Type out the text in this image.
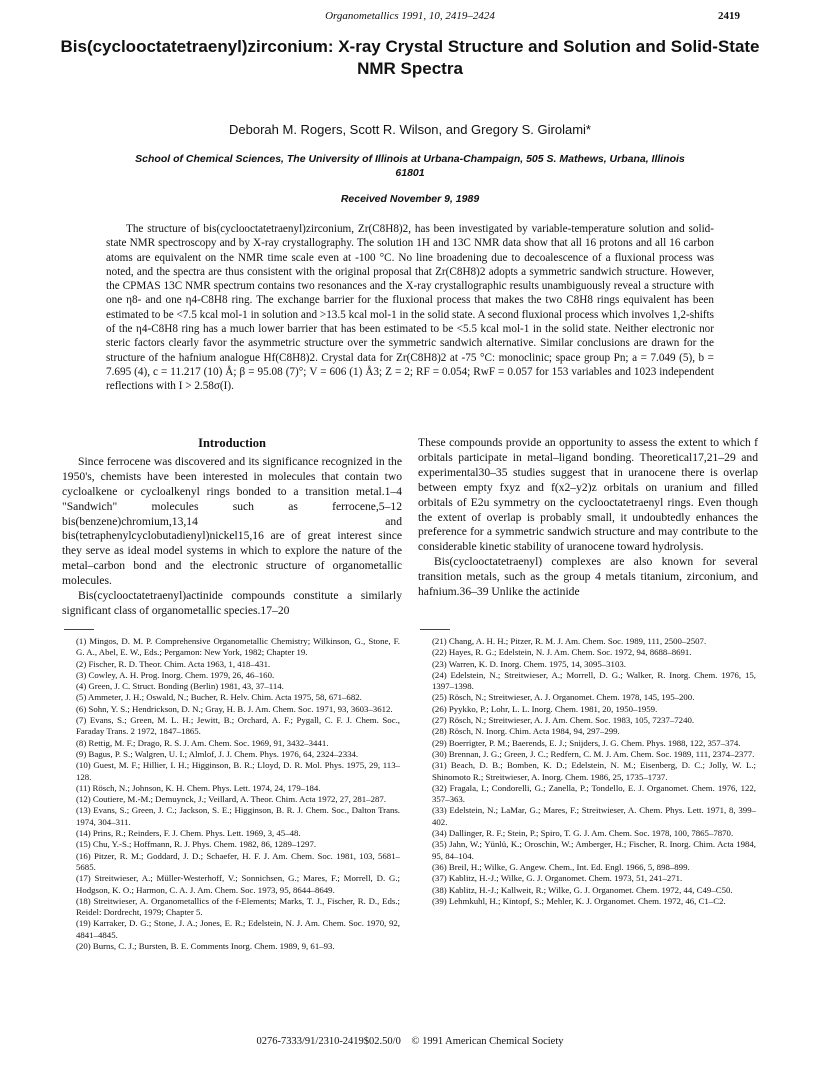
Organometallics 1991, 10, 2419–2424	2419
Bis(cyclooctatetraenyl)zirconium: X-ray Crystal Structure and Solution and Solid-State NMR Spectra
Deborah M. Rogers, Scott R. Wilson, and Gregory S. Girolami*
School of Chemical Sciences, The University of Illinois at Urbana-Champaign, 505 S. Mathews, Urbana, Illinois 61801
Received November 9, 1989
The structure of bis(cyclooctatetraenyl)zirconium, Zr(C8H8)2, has been investigated by variable-temperature solution and solid-state NMR spectroscopy and by X-ray crystallography. The solution 1H and 13C NMR data show that all 16 protons and all 16 carbon atoms are equivalent on the NMR time scale even at -100 °C. No line broadening due to decoalescence of a fluxional process was noted, and the spectra are thus consistent with the original proposal that Zr(C8H8)2 adopts a symmetric sandwich structure. However, the CPMAS 13C NMR spectrum contains two resonances and the X-ray crystallographic results unambiguously reveal a structure with one η8- and one η4-C8H8 ring. The exchange barrier for the fluxional process that makes the two C8H8 rings equivalent has been estimated to be <7.5 kcal mol-1 in solution and >13.5 kcal mol-1 in the solid state. A second fluxional process which involves 1,2-shifts of the η4-C8H8 ring has a much lower barrier that has been estimated to be <5.5 kcal mol-1 in the solid state. Neither electronic nor steric factors clearly favor the asymmetric structure over the symmetric sandwich alternative. Similar conclusions are drawn for the structure of the hafnium analogue Hf(C8H8)2. Crystal data for Zr(C8H8)2 at -75 °C: monoclinic; space group Pn; a = 7.049 (5), b = 7.695 (4), c = 11.217 (10) Å; β = 95.08 (7)°; V = 606 (1) Å3; Z = 2; RF = 0.054; RwF = 0.057 for 153 variables and 1023 independent reflections with I > 2.58σ(I).
Introduction

Since ferrocene was discovered and its significance recognized in the 1950's, chemists have been interested in molecules that contain two cycloalkene or cycloalkenyl rings bonded to a transition metal.1–4 "Sandwich" molecules such as ferrocene,5–12 bis(benzene)chromium,13,14 and bis(tetraphenylcyclobutadienyl)nickel15,16 are of great interest since they serve as ideal model systems in which to explore the nature of the metal–carbon bond and the electronic structure of organometallic molecules.

Bis(cyclooctatetraenyl)actinide compounds constitute a similarly significant class of organometallic species.17–20

These compounds provide an opportunity to assess the extent to which f orbitals participate in metal–ligand bonding. Theoretical17,21–29 and experimental30–35 studies suggest that in uranocene there is overlap between empty fxyz and f(x2–y2)z orbitals on uranium and filled orbitals of E2u symmetry on the cyclooctatetraenyl rings. Even though the extent of overlap is probably small, it undoubtedly enhances the preference for a symmetric sandwich structure and may contribute to the considerable kinetic stability of uranocene toward hydrolysis.

Bis(cyclooctatetraenyl) complexes are also known for several transition metals, such as the group 4 metals titanium, zirconium, and hafnium.36–39 Unlike the actinide

(1) Mingos, D. M. P. Comprehensive Organometallic Chemistry; Wilkinson, G., Stone, F. G. A., Abel, E. W., Eds.; Pergamon: New York, 1982; Chapter 19.

(2) Fischer, R. D. Theor. Chim. Acta 1963, 1, 418–431.

(3) Cowley, A. H. Prog. Inorg. Chem. 1979, 26, 46–160.

(4) Green, J. C. Struct. Bonding (Berlin) 1981, 43, 37–114.

(5) Ammeter, J. H.; Oswald, N.; Bucher, R. Helv. Chim. Acta 1975, 58, 671–682.

(6) Sohn, Y. S.; Hendrickson, D. N.; Gray, H. B. J. Am. Chem. Soc. 1971, 93, 3603–3612.

(7) Evans, S.; Green, M. L. H.; Jewitt, B.; Orchard, A. F.; Pygall, C. F. J. Chem. Soc., Faraday Trans. 2 1972, 1847–1865.

(8) Rettig, M. F.; Drago, R. S. J. Am. Chem. Soc. 1969, 91, 3432–3441.

(9) Bagus, P. S.; Walgren, U. I.; Almlof, J. J. Chem. Phys. 1976, 64, 2324–2334.

(10) Guest, M. F.; Hillier, I. H.; Higginson, B. R.; Lloyd, D. R. Mol. Phys. 1975, 29, 113–128.

(11) Rösch, N.; Johnson, K. H. Chem. Phys. Lett. 1974, 24, 179–184.

(12) Coutiere, M.-M.; Demuynck, J.; Veillard, A. Theor. Chim. Acta 1972, 27, 281–287.

(13) Evans, S.; Green, J. C.; Jackson, S. E.; Higginson, B. R. J. Chem. Soc., Dalton Trans. 1974, 304–311.

(14) Prins, R.; Reinders, F. J. Chem. Phys. Lett. 1969, 3, 45–48.

(15) Chu, Y.-S.; Hoffmann, R. J. Phys. Chem. 1982, 86, 1289–1297.

(16) Pitzer, R. M.; Goddard, J. D.; Schaefer, H. F. J. Am. Chem. Soc. 1981, 103, 5681–5685.

(17) Streitwieser, A.; Müller-Westerhoff, V.; Sonnichsen, G.; Mares, F.; Morrell, D. G.; Hodgson, K. O.; Harmon, C. A. J. Am. Chem. Soc. 1973, 95, 8644–8649.

(18) Streitwieser, A. Organometallics of the f-Elements; Marks, T. J., Fischer, R. D., Eds.; Reidel: Dordrecht, 1979; Chapter 5.

(19) Karraker, D. G.; Stone, J. A.; Jones, E. R.; Edelstein, N. J. Am. Chem. Soc. 1970, 92, 4841–4845.

(20) Burns, C. J.; Bursten, B. E. Comments Inorg. Chem. 1989, 9, 61–93.

(21) Chang, A. H. H.; Pitzer, R. M. J. Am. Chem. Soc. 1989, 111, 2500–2507.

(22) Hayes, R. G.; Edelstein, N. J. Am. Chem. Soc. 1972, 94, 8688–8691.

(23) Warren, K. D. Inorg. Chem. 1975, 14, 3095–3103.

(24) Edelstein, N.; Streitwieser, A.; Morrell, D. G.; Walker, R. Inorg. Chem. 1976, 15, 1397–1398.

(25) Rösch, N.; Streitwieser, A. J. Organomet. Chem. 1978, 145, 195–200.

(26) Pyykko, P.; Lohr, L. L. Inorg. Chem. 1981, 20, 1950–1959.

(27) Rösch, N.; Streitwieser, A. J. Am. Chem. Soc. 1983, 105, 7237–7240.

(28) Rösch, N. Inorg. Chim. Acta 1984, 94, 297–299.

(29) Boerrigter, P. M.; Baerends, E. J.; Snijders, J. G. Chem. Phys. 1988, 122, 357–374.

(30) Brennan, J. G.; Green, J. C.; Redfern, C. M. J. Am. Chem. Soc. 1989, 111, 2374–2377.

(31) Beach, D. B.; Bomben, K. D.; Edelstein, N. M.; Eisenberg, D. C.; Jolly, W. L.; Shinomoto R.; Streitwieser, A. Inorg. Chem. 1986, 25, 1735–1737.

(32) Fragala, I.; Condorelli, G.; Zanella, P.; Tondello, E. J. Organomet. Chem. 1976, 122, 357–363.

(33) Edelstein, N.; LaMar, G.; Mares, F.; Streitwieser, A. Chem. Phys. Lett. 1971, 8, 399–402.

(34) Dallinger, R. F.; Stein, P.; Spiro, T. G. J. Am. Chem. Soc. 1978, 100, 7865–7870.

(35) Jahn, W.; Yünlü, K.; Oroschin, W.; Amberger, H.; Fischer, R. Inorg. Chim. Acta 1984, 95, 84–104.

(36) Breil, H.; Wilke, G. Angew. Chem., Int. Ed. Engl. 1966, 5, 898–899.

(37) Kablitz, H.-J.; Wilke, G. J. Organomet. Chem. 1973, 51, 241–271.

(38) Kablitz, H.-J.; Kallweit, R.; Wilke, G. J. Organomet. Chem. 1972, 44, C49–C50.

(39) Lehmkuhl, H.; Kintopf, S.; Mehler, K. J. Organomet. Chem. 1972, 46, C1–C2.

0276-7333/91/2310-2419$02.50/0 © 1991 American Chemical Society
